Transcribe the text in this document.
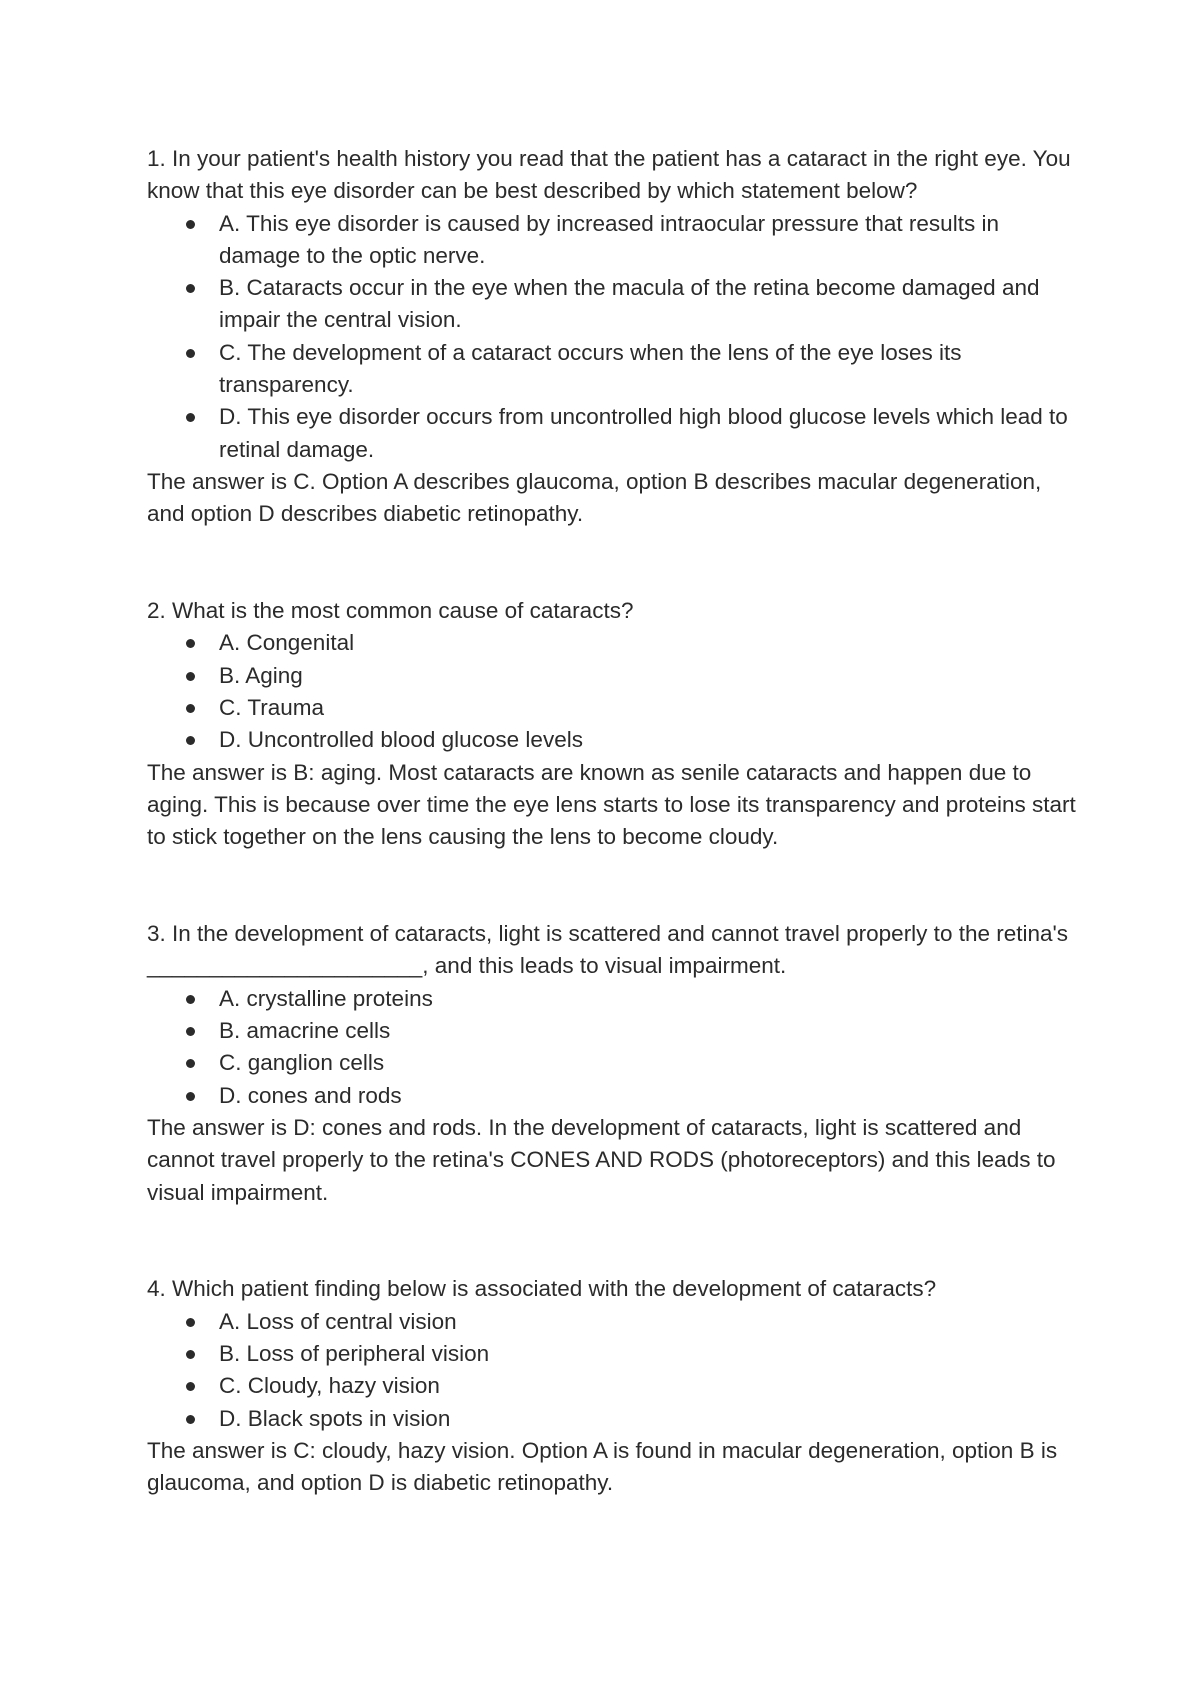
1. In your patient's health history you read that the patient has a cataract in the right eye. You know that this eye disorder can be best described by which statement below?

A. This eye disorder is caused by increased intraocular pressure that results in damage to the optic nerve.
B. Cataracts occur in the eye when the macula of the retina become damaged and impair the central vision.
C. The development of a cataract occurs when the lens of the eye loses its transparency.
D. This eye disorder occurs from uncontrolled high blood glucose levels which lead to retinal damage.

The answer is C. Option A describes glaucoma, option B describes macular degeneration, and option D describes diabetic retinopathy.

2. What is the most common cause of cataracts?

A. Congenital
B. Aging
C. Trauma
D. Uncontrolled blood glucose levels

The answer is B: aging. Most cataracts are known as senile cataracts and happen due to aging. This is because over time the eye lens starts to lose its transparency and proteins start to stick together on the lens causing the lens to become cloudy.

3. In the development of cataracts, light is scattered and cannot travel properly to the retina's ______________________, and this leads to visual impairment.

A. crystalline proteins
B. amacrine cells
C. ganglion cells
D. cones and rods

The answer is D: cones and rods. In the development of cataracts, light is scattered and cannot travel properly to the retina's CONES AND RODS (photoreceptors) and this leads to visual impairment.

4. Which patient finding below is associated with the development of cataracts?

A. Loss of central vision
B. Loss of peripheral vision
C. Cloudy, hazy vision
D. Black spots in vision

The answer is C: cloudy, hazy vision. Option A is found in macular degeneration, option B is glaucoma, and option D is diabetic retinopathy.
